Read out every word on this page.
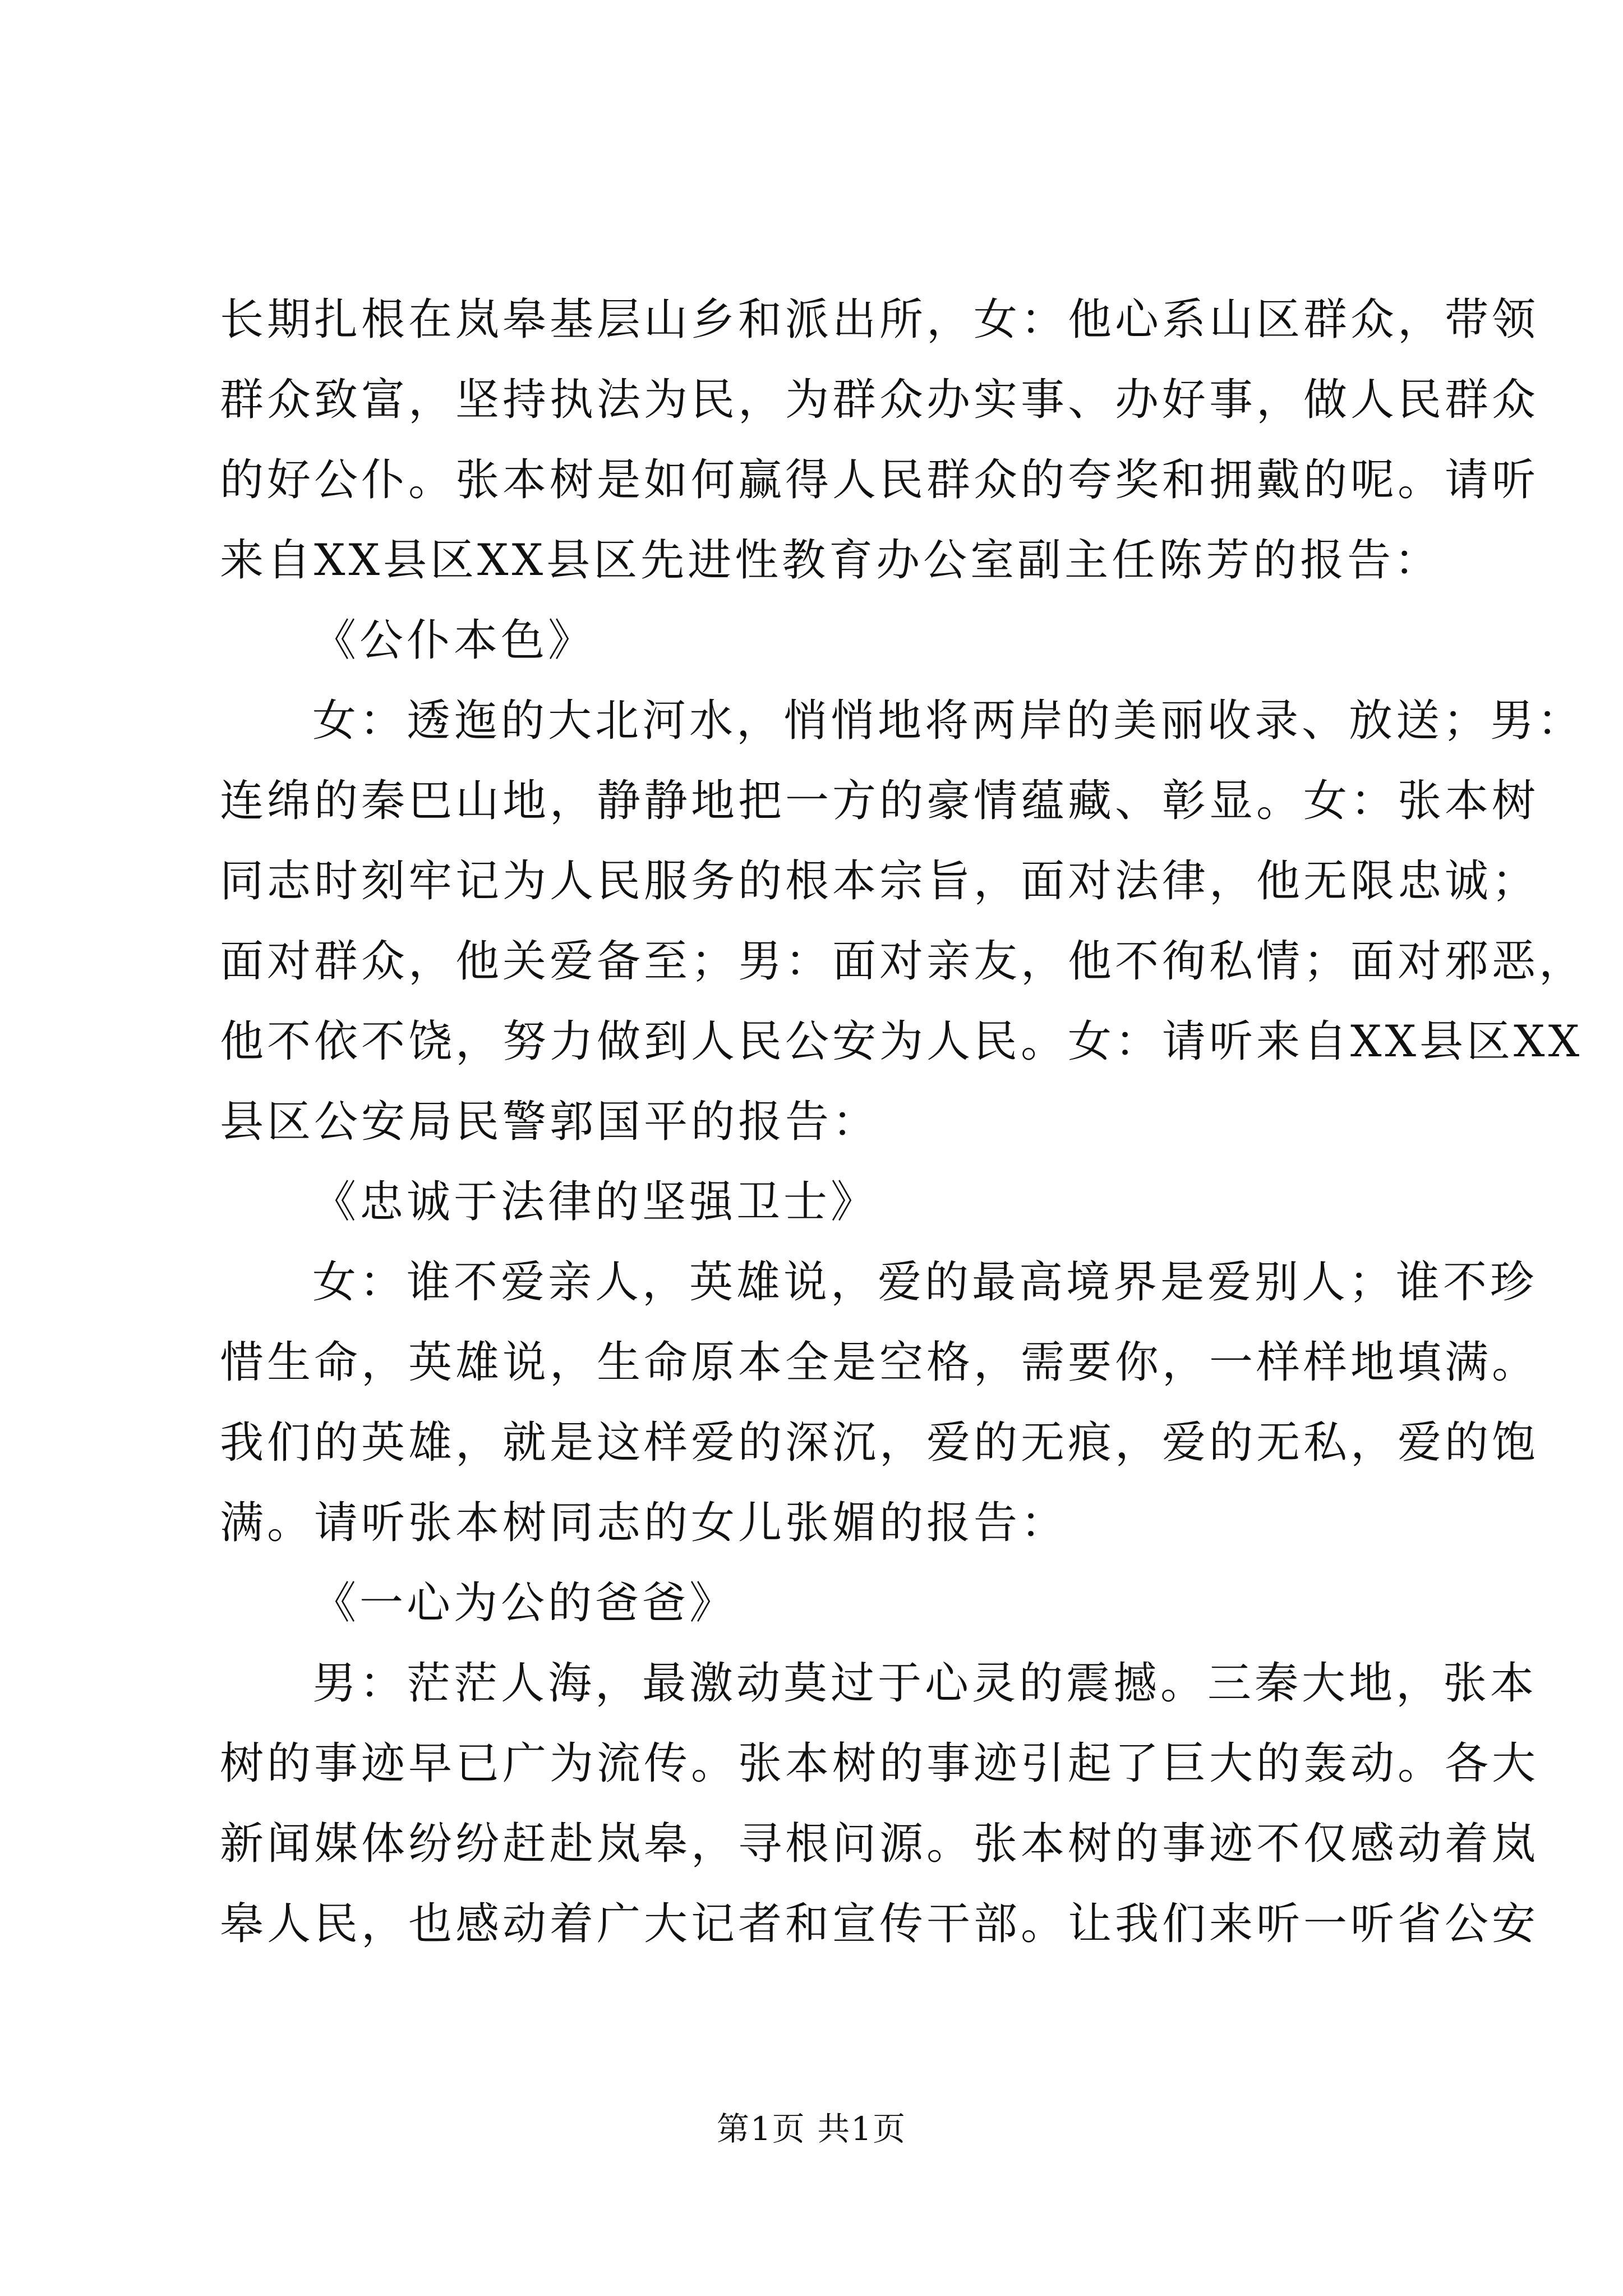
长期扎根在岚皋基层山乡和派出所，女：他心系山区群众，带领
群众致富，坚持执法为民，为群众办实事、办好事，做人民群众
的好公仆。张本树是如何赢得人民群众的夸奖和拥戴的呢。请听
来自XX县区XX县区先进性教育办公室副主任陈芳的报告：
《公仆本色》
女：透迤的大北河水，悄悄地将两岸的美丽收录、放送；男：
连绵的秦巴山地，静静地把一方的豪情蕴藏、彰显。女：张本树
同志时刻牢记为人民服务的根本宗旨，面对法律，他无限忠诚；
面对群众，他关爱备至；男：面对亲友，他不徇私情；面对邪恶，
他不依不饶，努力做到人民公安为人民。女：请听来自XX县区XX
县区公安局民警郭国平的报告：
《忠诚于法律的坚强卫士》
女：谁不爱亲人，英雄说，爱的最高境界是爱别人；谁不珍
惜生命，英雄说，生命原本全是空格，需要你，一样样地填满。
我们的英雄，就是这样爱的深沉，爱的无痕，爱的无私，爱的饱
满。请听张本树同志的女儿张媚的报告：
《一心为公的爸爸》
男：茫茫人海，最激动莫过于心灵的震撼。三秦大地，张本
树的事迹早已广为流传。张本树的事迹引起了巨大的轰动。各大
新闻媒体纷纷赶赴岚皋，寻根问源。张本树的事迹不仅感动着岚
皋人民，也感动着广大记者和宣传干部。让我们来听一听省公安
第1页 共1页
